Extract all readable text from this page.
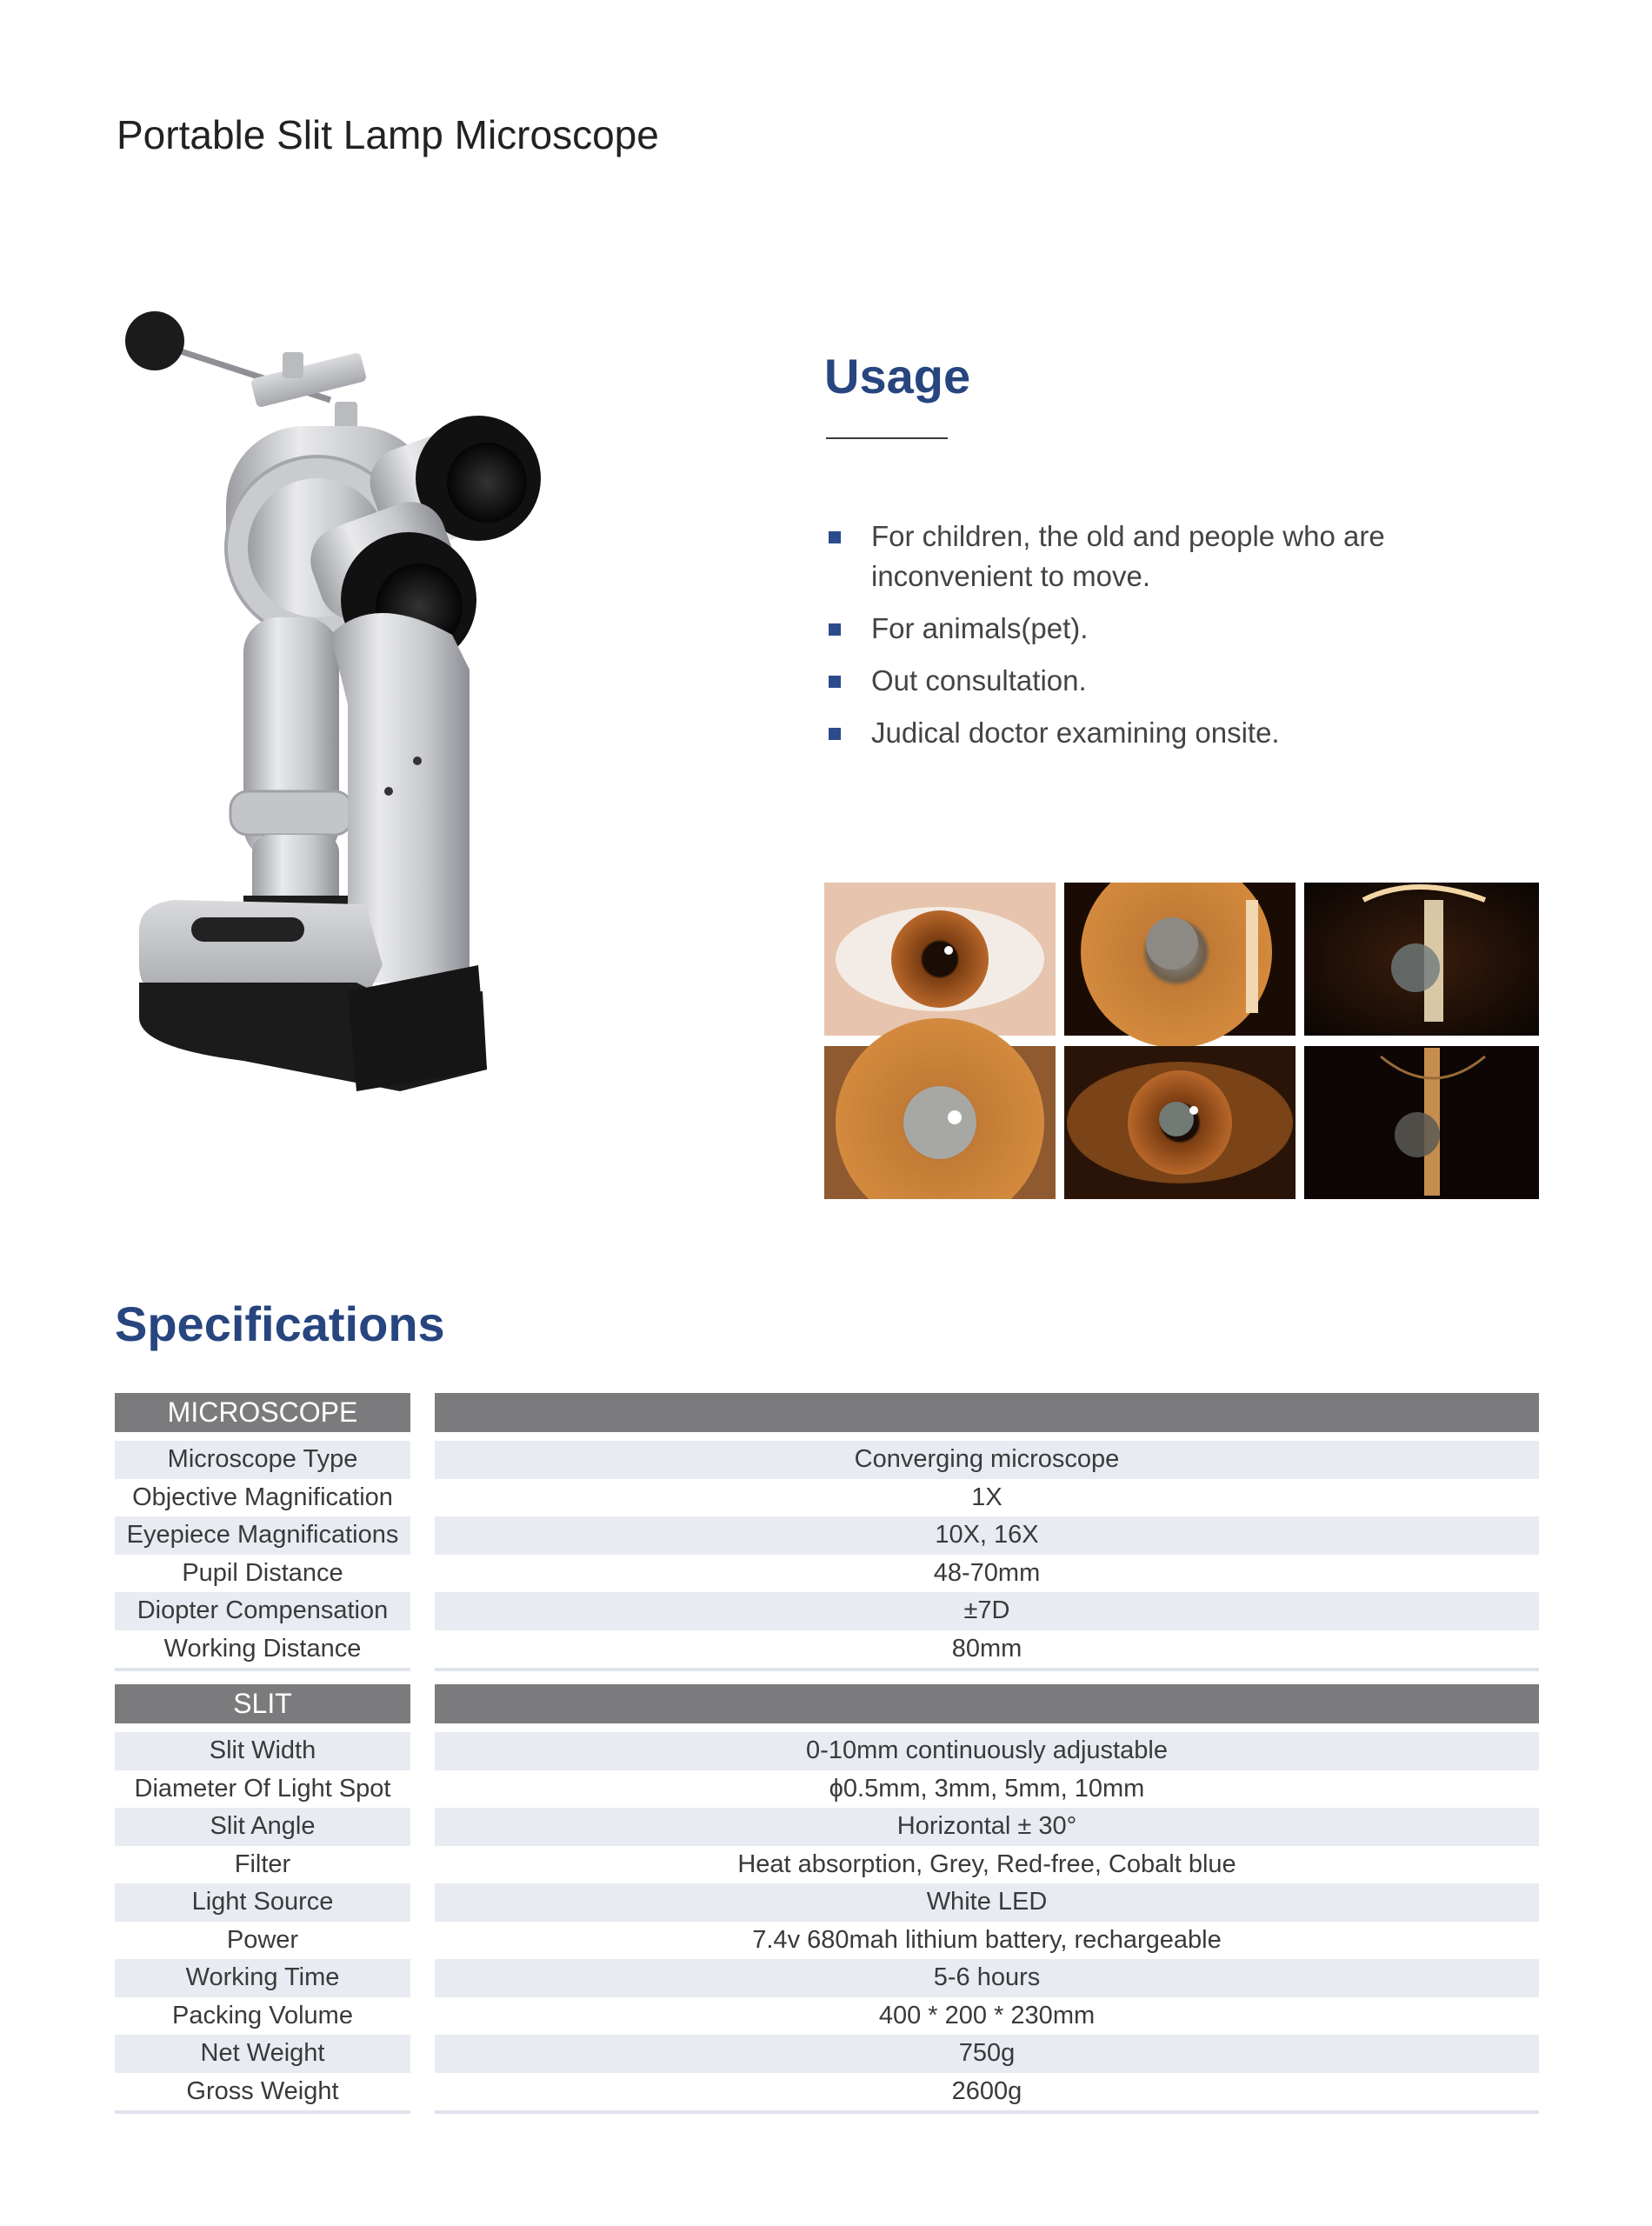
Portable Slit Lamp Microscope
Usage
For children, the old and people who are inconvenient to move.
For animals(pet).
Out consultation.
Judical doctor examining onsite.
Specifications
MICROSCOPE
Microscope Type	Converging microscope
Objective Magnification	1X
Eyepiece Magnifications	10X, 16X
Pupil Distance	48-70mm
Diopter Compensation	±7D
Working Distance	80mm
SLIT
Slit Width	0-10mm continuously adjustable
Diameter Of Light Spot	ϕ0.5mm, 3mm, 5mm, 10mm
Slit Angle	Horizontal ± 30°
Filter	Heat absorption, Grey, Red-free, Cobalt blue
Light Source	White LED
Power	7.4v 680mah lithium battery, rechargeable
Working Time	5-6 hours
Packing Volume	400 * 200 * 230mm
Net Weight	750g
Gross Weight	2600g
